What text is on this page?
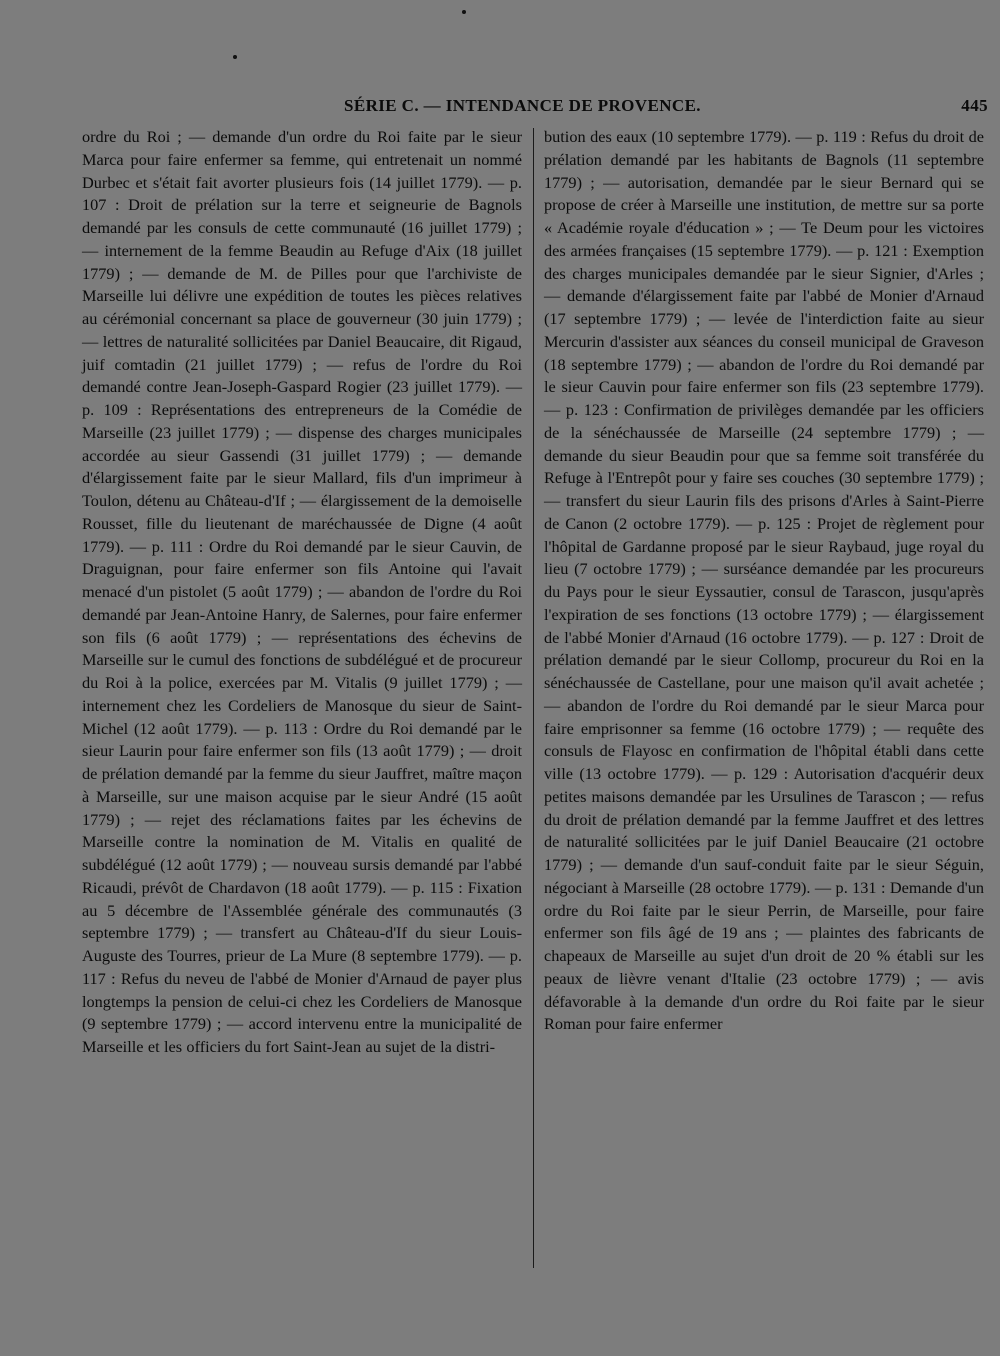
SÉRIE C. — INTENDANCE DE PROVENCE.	445

ordre du Roi ; — demande d'un ordre du Roi faite par le sieur Marca pour faire enfermer sa femme, qui entretenait un nommé Durbec et s'était fait avorter plusieurs fois (14 juillet 1779). — p. 107 : Droit de prélation sur la terre et seigneurie de Bagnols demandé par les consuls de cette communauté (16 juillet 1779) ; — internement de la femme Beaudin au Refuge d'Aix (18 juillet 1779) ; — demande de M. de Pilles pour que l'archiviste de Marseille lui délivre une expédition de toutes les pièces relatives au cérémonial concernant sa place de gouverneur (30 juin 1779) ; — lettres de naturalité sollicitées par Daniel Beaucaire, dit Rigaud, juif comtadin (21 juillet 1779) ; — refus de l'ordre du Roi demandé contre Jean-Joseph-Gaspard Rogier (23 juillet 1779). — p. 109 : Représentations des entrepreneurs de la Comédie de Marseille (23 juillet 1779) ; — dispense des charges municipales accordée au sieur Gassendi (31 juillet 1779) ; — demande d'élargissement faite par le sieur Mallard, fils d'un imprimeur à Toulon, détenu au Château-d'If ; — élargissement de la demoiselle Rousset, fille du lieutenant de maréchaussée de Digne (4 août 1779). — p. 111 : Ordre du Roi demandé par le sieur Cauvin, de Draguignan, pour faire enfermer son fils Antoine qui l'avait menacé d'un pistolet (5 août 1779) ; — abandon de l'ordre du Roi demandé par Jean-Antoine Hanry, de Salernes, pour faire enfermer son fils (6 août 1779) ; — représentations des échevins de Marseille sur le cumul des fonctions de subdélégué et de procureur du Roi à la police, exercées par M. Vitalis (9 juillet 1779) ; — internement chez les Cordeliers de Manosque du sieur de Saint-Michel (12 août 1779). — p. 113 : Ordre du Roi demandé par le sieur Laurin pour faire enfermer son fils (13 août 1779) ; — droit de prélation demandé par la femme du sieur Jauffret, maître maçon à Marseille, sur une maison acquise par le sieur André (15 août 1779) ; — rejet des réclamations faites par les échevins de Marseille contre la nomination de M. Vitalis en qualité de subdélégué (12 août 1779) ; — nouveau sursis demandé par l'abbé Ricaudi, prévôt de Chardavon (18 août 1779). — p. 115 : Fixation au 5 décembre de l'Assemblée générale des communautés (3 septembre 1779) ; — transfert au Château-d'If du sieur Louis-Auguste des Tourres, prieur de La Mure (8 septembre 1779). — p. 117 : Refus du neveu de l'abbé de Monier d'Arnaud de payer plus longtemps la pension de celui-ci chez les Cordeliers de Manosque (9 septembre 1779) ; — accord intervenu entre la municipalité de Marseille et les officiers du fort Saint-Jean au sujet de la distri-

bution des eaux (10 septembre 1779). — p. 119 : Refus du droit de prélation demandé par les habitants de Bagnols (11 septembre 1779) ; — autorisation, demandée par le sieur Bernard qui se propose de créer à Marseille une institution, de mettre sur sa porte « Académie royale d'éducation » ; — Te Deum pour les victoires des armées françaises (15 septembre 1779). — p. 121 : Exemption des charges municipales demandée par le sieur Signier, d'Arles ; — demande d'élargissement faite par l'abbé de Monier d'Arnaud (17 septembre 1779) ; — levée de l'interdiction faite au sieur Mercurin d'assister aux séances du conseil municipal de Graveson (18 septembre 1779) ; — abandon de l'ordre du Roi demandé par le sieur Cauvin pour faire enfermer son fils (23 septembre 1779). — p. 123 : Confirmation de privilèges demandée par les officiers de la sénéchaussée de Marseille (24 septembre 1779) ; — demande du sieur Beaudin pour que sa femme soit transférée du Refuge à l'Entrepôt pour y faire ses couches (30 septembre 1779) ; — transfert du sieur Laurin fils des prisons d'Arles à Saint-Pierre de Canon (2 octobre 1779). — p. 125 : Projet de règlement pour l'hôpital de Gardanne proposé par le sieur Raybaud, juge royal du lieu (7 octobre 1779) ; — surséance demandée par les procureurs du Pays pour le sieur Eyssautier, consul de Tarascon, jusqu'après l'expiration de ses fonctions (13 octobre 1779) ; — élargissement de l'abbé Monier d'Arnaud (16 octobre 1779). — p. 127 : Droit de prélation demandé par le sieur Collomp, procureur du Roi en la sénéchaussée de Castellane, pour une maison qu'il avait achetée ; — abandon de l'ordre du Roi demandé par le sieur Marca pour faire emprisonner sa femme (16 octobre 1779) ; — requête des consuls de Flayosc en confirmation de l'hôpital établi dans cette ville (13 octobre 1779). — p. 129 : Autorisation d'acquérir deux petites maisons demandée par les Ursulines de Tarascon ; — refus du droit de prélation demandé par la femme Jauffret et des lettres de naturalité sollicitées par le juif Daniel Beaucaire (21 octobre 1779) ; — demande d'un sauf-conduit faite par le sieur Séguin, négociant à Marseille (28 octobre 1779). — p. 131 : Demande d'un ordre du Roi faite par le sieur Perrin, de Marseille, pour faire enfermer son fils âgé de 19 ans ; — plaintes des fabricants de chapeaux de Marseille au sujet d'un droit de 20 % établi sur les peaux de lièvre venant d'Italie (23 octobre 1779) ; — avis défavorable à la demande d'un ordre du Roi faite par le sieur Roman pour faire enfermer
